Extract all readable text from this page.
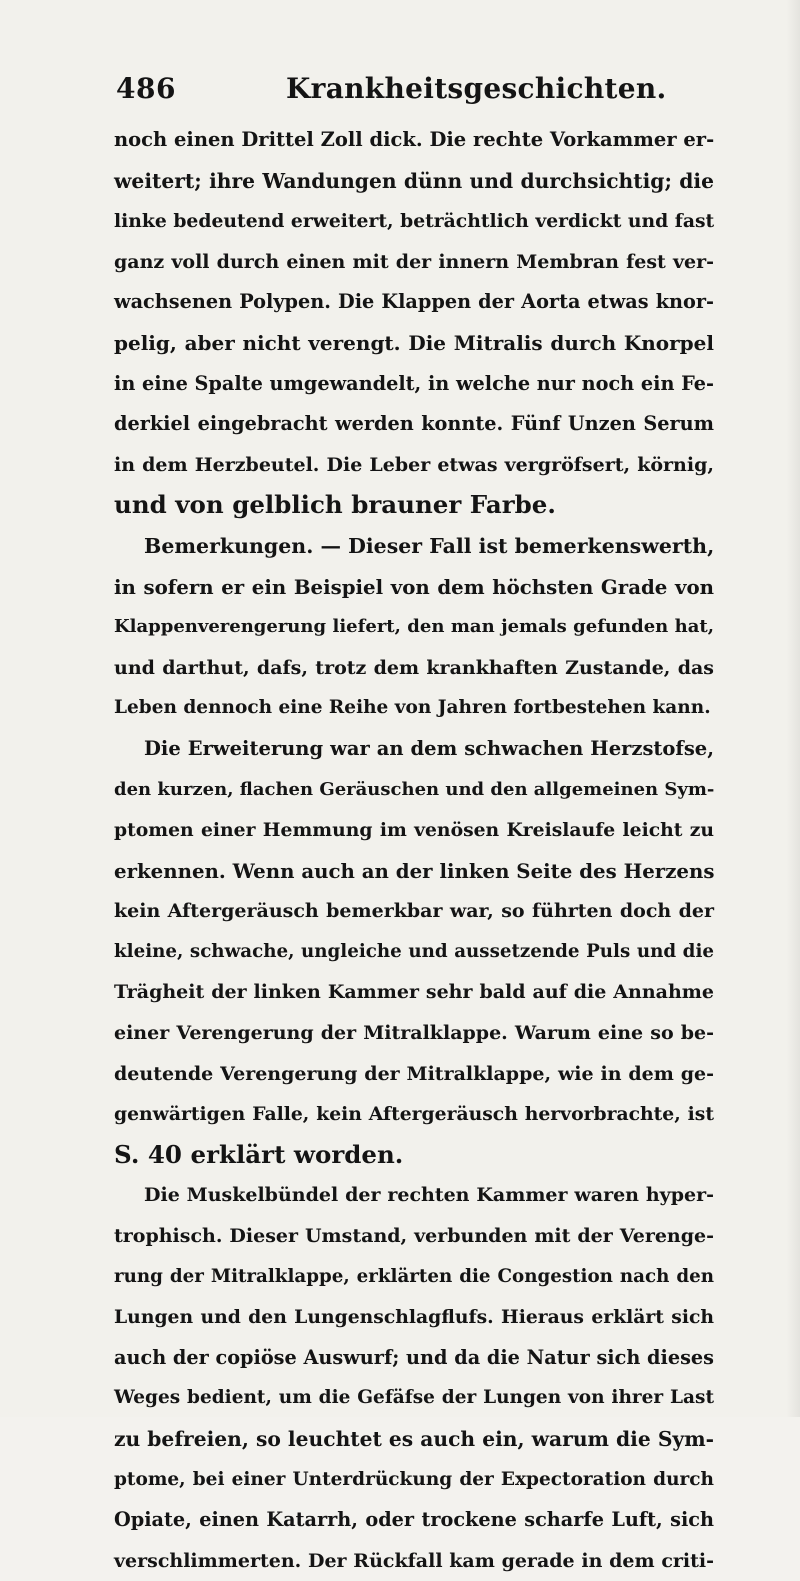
486	Krankheitsgeschichten.
noch einen Drittel Zoll dick. Die rechte Vorkammer er-
weitert; ihre Wandungen dünn und durchsichtig; die
linke bedeutend erweitert, beträchtlich verdickt und fast
ganz voll durch einen mit der innern Membran fest ver-
wachsenen Polypen. Die Klappen der Aorta etwas knor-
pelig, aber nicht verengt. Die Mitralis durch Knorpel
in eine Spalte umgewandelt, in welche nur noch ein Fe-
derkiel eingebracht werden konnte. Fünf Unzen Serum
in dem Herzbeutel. Die Leber etwas vergröfsert, körnig,
und von gelblich brauner Farbe.
Bemerkungen. — Dieser Fall ist bemerkenswerth,
in sofern er ein Beispiel von dem höchsten Grade von
Klappenverengerung liefert, den man jemals gefunden hat,
und darthut, dafs, trotz dem krankhaften Zustande, das
Leben dennoch eine Reihe von Jahren fortbestehen kann.
Die Erweiterung war an dem schwachen Herzstofse,
den kurzen, flachen Geräuschen und den allgemeinen Sym-
ptomen einer Hemmung im venösen Kreislaufe leicht zu
erkennen. Wenn auch an der linken Seite des Herzens
kein Aftergeräusch bemerkbar war, so führten doch der
kleine, schwache, ungleiche und aussetzende Puls und die
Trägheit der linken Kammer sehr bald auf die Annahme
einer Verengerung der Mitralklappe. Warum eine so be-
deutende Verengerung der Mitralklappe, wie in dem ge-
genwärtigen Falle, kein Aftergeräusch hervorbrachte, ist
S. 40 erklärt worden.
Die Muskelbündel der rechten Kammer waren hyper-
trophisch. Dieser Umstand, verbunden mit der Verenge-
rung der Mitralklappe, erklärten die Congestion nach den
Lungen und den Lungenschlagflufs. Hieraus erklärt sich
auch der copiöse Auswurf; und da die Natur sich dieses
Weges bedient, um die Gefäfse der Lungen von ihrer Last
zu befreien, so leuchtet es auch ein, warum die Sym-
ptome, bei einer Unterdrückung der Expectoration durch
Opiate, einen Katarrh, oder trockene scharfe Luft, sich
verschlimmerten. Der Rückfall kam gerade in dem criti-
